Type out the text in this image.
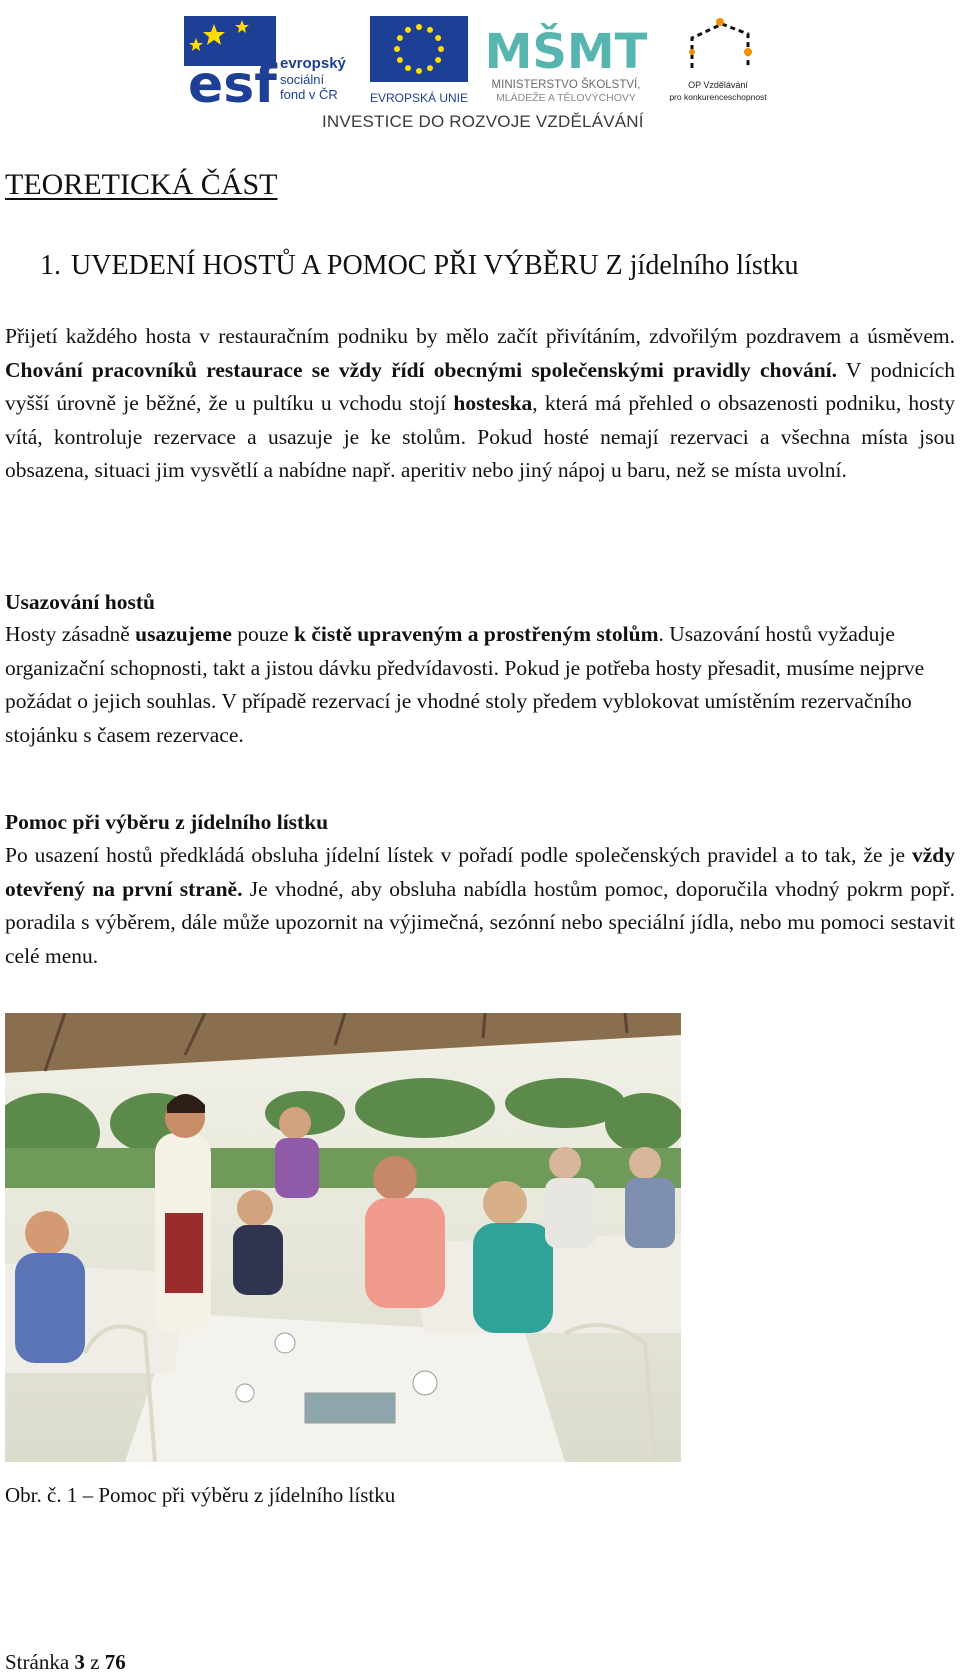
esf evropský
sociální
fond v ČR	EVROPSKÁ UNIE
MŠMT
MINISTERSTVO ŠKOLSTVÍ,
MLÁDEŽE A TĚLOVÝCHOVY
OP Vzdělávání
pro konkurenceschopnost
INVESTICE DO ROZVOJE VZDĚLÁVÁNÍ
TEORETICKÁ ČÁST
1. UVEDENÍ HOSTŮ A POMOC PŘI VÝBĚRU Z jídelního lístku

Přijetí každého hosta v restauračním podniku by mělo začít přivítáním, zdvořilým pozdravem a úsměvem. Chování pracovníků restaurace se vždy řídí obecnými společenskými pravidly chování. V podnicích vyšší úrovně je běžné, že u pultíku u vchodu stojí hosteska, která má přehled o obsazenosti podniku, hosty vítá, kontroluje rezervace a usazuje je ke stolům. Pokud hosté nemají rezervaci a všechna místa jsou obsazena, situaci jim vysvětlí a nabídne např. aperitiv nebo jiný nápoj u baru, než se místa uvolní.

Usazování hostů

Hosty zásadně usazujeme pouze k čistě upraveným a prostřeným stolům. Usazování hostů vyžaduje organizační schopnosti, takt a jistou dávku předvídavosti. Pokud je potřeba hosty přesadit, musíme nejprve požádat o jejich souhlas. V případě rezervací je vhodné stoly předem vyblokovat umístěním rezervačního stojánku s časem rezervace.

Pomoc při výběru z jídelního lístku

Po usazení hostů předkládá obsluha jídelní lístek v pořadí podle společenských pravidel a to tak, že je vždy otevřený na první straně. Je vhodné, aby obsluha nabídla hostům pomoc, doporučila vhodný pokrm popř. poradila s výběrem, dále může upozornit na výjimečná, sezónní nebo speciální jídla, nebo mu pomoci sestavit celé menu.

Obr. č. 1 – Pomoc při výběru z jídelního lístku

Stránka 3 z 76
